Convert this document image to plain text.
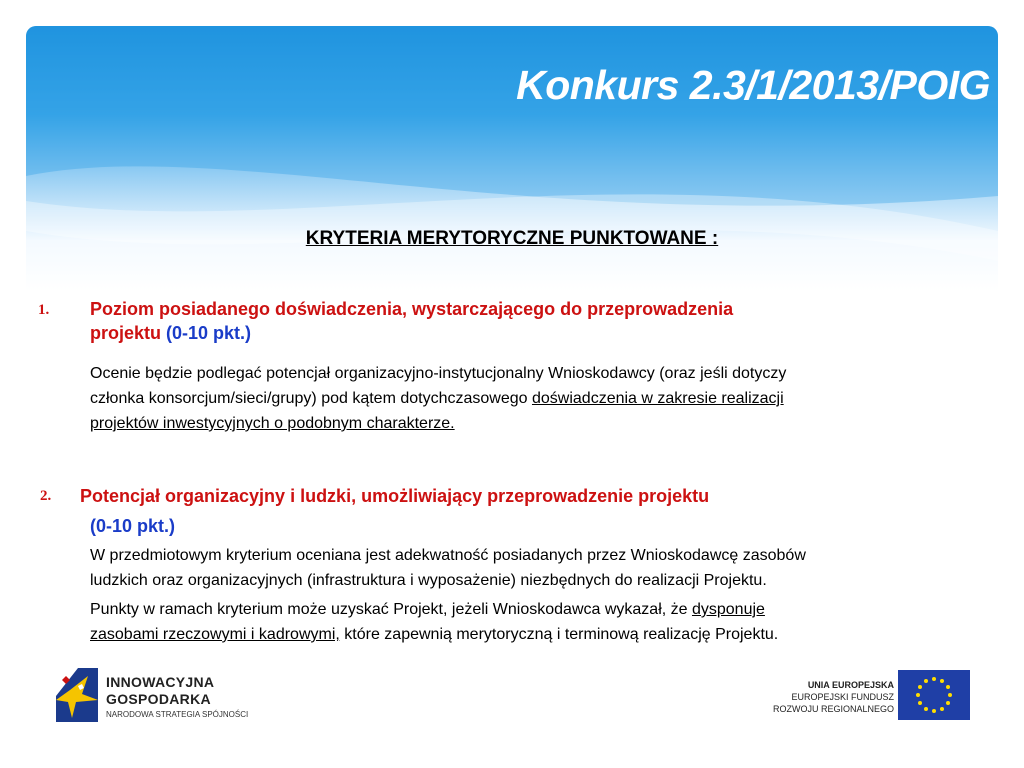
Konkurs 2.3/1/2013/POIG
KRYTERIA MERYTORYCZNE PUNKTOWANE :
1. Poziom posiadanego doświadczenia, wystarczającego do przeprowadzenia
projektu (0-10 pkt.)
Ocenie będzie podlegać potencjał organizacyjno-instytucjonalny Wnioskodawcy (oraz jeśli dotyczy
członka konsorcjum/sieci/grupy) pod kątem dotychczasowego doświadczenia w zakresie realizacji
projektów inwestycyjnych o podobnym charakterze.
2. Potencjał organizacyjny i ludzki, umożliwiający przeprowadzenie projektu
(0-10 pkt.)
W przedmiotowym kryterium oceniana jest adekwatność posiadanych przez Wnioskodawcę zasobów
ludzkich oraz organizacyjnych (infrastruktura i wyposażenie) niezbędnych do realizacji Projektu.
Punkty w ramach kryterium może uzyskać Projekt, jeżeli Wnioskodawca wykazał, że dysponuje
zasobami rzeczowymi i kadrowymi, które zapewnią merytoryczną i terminową realizację Projektu.
INNOWACYJNA
GOSPODARKA
NARODOWA STRATEGIA SPÓJNOŚCI
UNIA EUROPEJSKA
EUROPEJSKI FUNDUSZ
ROZWOJU REGIONALNEGO
